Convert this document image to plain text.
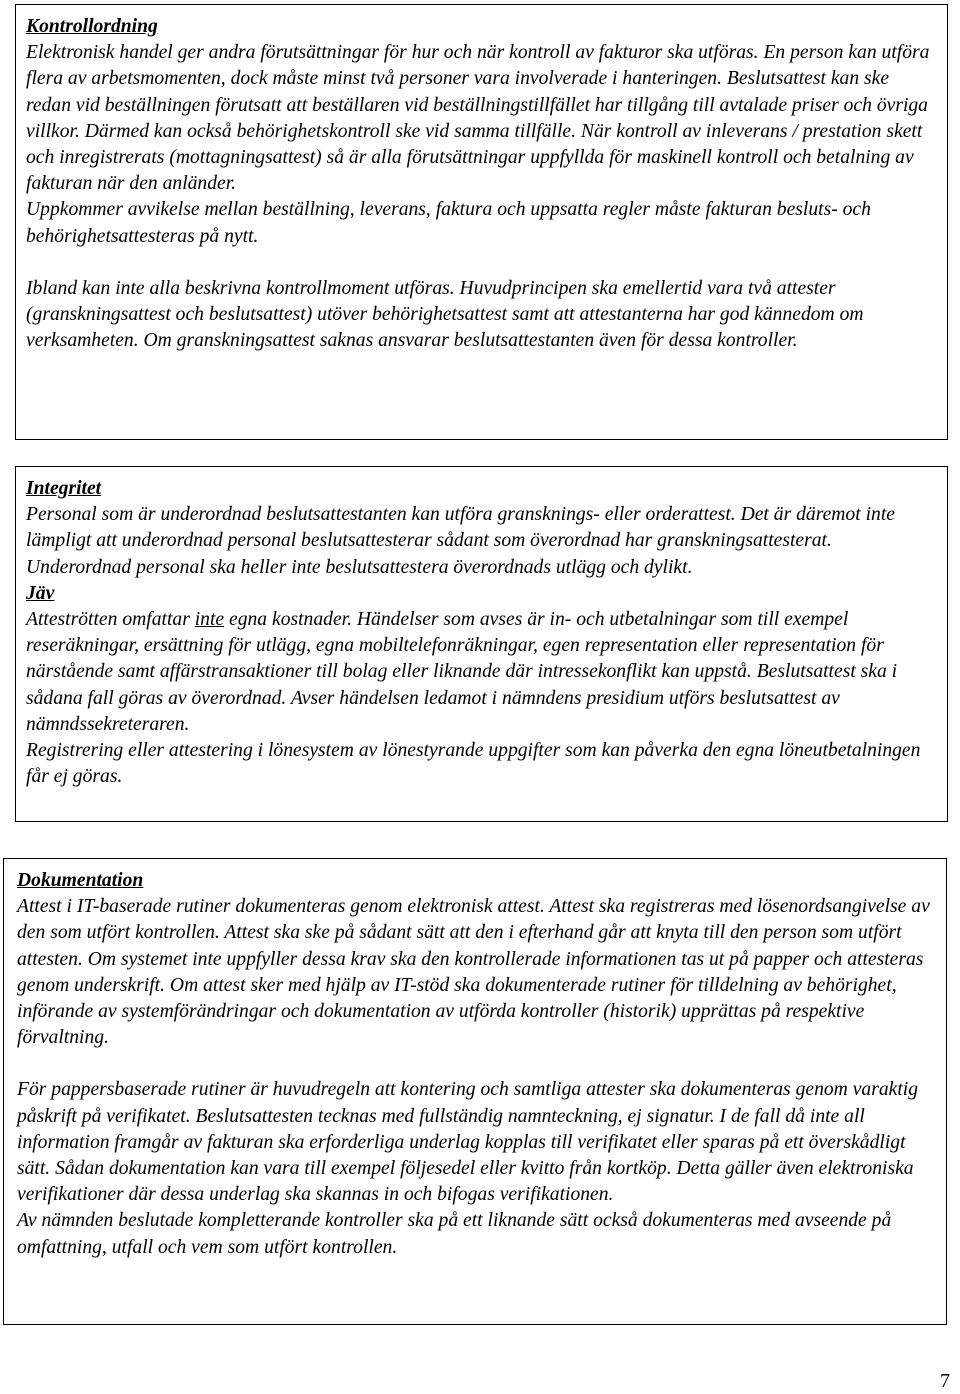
Kontrollordning

Elektronisk handel ger andra förutsättningar för hur och när kontroll av fakturor ska utföras. En person kan utföra flera av arbetsmomenten, dock måste minst två personer vara involverade i hanteringen. Beslutsattest kan ske redan vid beställningen förutsatt att beställaren vid beställningstillfället har tillgång till avtalade priser och övriga villkor. Därmed kan också behörighetskontroll ske vid samma tillfälle. När kontroll av inleverans / prestation skett och inregistrerats (mottagningsattest) så är alla förutsättningar uppfyllda för maskinell kontroll och betalning av fakturan när den anländer.

Uppkommer avvikelse mellan beställning, leverans, faktura och uppsatta regler måste fakturan besluts- och behörighetsattesteras på nytt.

Ibland kan inte alla beskrivna kontrollmoment utföras. Huvudprincipen ska emellertid vara två attester (granskningsattest och beslutsattest) utöver behörighetsattest samt att attestanterna har god kännedom om verksamheten. Om granskningsattest saknas ansvarar beslutsattestanten även för dessa kontroller.

Integritet

Personal som är underordnad beslutsattestanten kan utföra gransknings- eller orderattest. Det är däremot inte lämpligt att underordnad personal beslutsattesterar sådant som överordnad har granskningsattesterat. Underordnad personal ska heller inte beslutsattestera överordnads utlägg och dylikt.

Jäv

Atteströtten omfattar inte egna kostnader. Händelser som avses är in- och utbetalningar som till exempel reseräkningar, ersättning för utlägg, egna mobiltelefonräkningar, egen representation eller representation för närstående samt affärstransaktioner till bolag eller liknande där intressekonflikt kan uppstå. Beslutsattest ska i sådana fall göras av överordnad. Avser händelsen ledamot i nämndens presidium utförs beslutsattest av nämndssekreteraren.

Registrering eller attestering i lönesystem av lönestyrande uppgifter som kan påverka den egna löneutbetalningen får ej göras.

Dokumentation

Attest i IT-baserade rutiner dokumenteras genom elektronisk attest. Attest ska registreras med lösenordsangivelse av den som utfört kontrollen. Attest ska ske på sådant sätt att den i efterhand går att knyta till den person som utfört attesten. Om systemet inte uppfyller dessa krav ska den kontrollerade informationen tas ut på papper och attesteras genom underskrift. Om attest sker med hjälp av IT-stöd ska dokumenterade rutiner för tilldelning av behörighet, införande av systemförändringar och dokumentation av utförda kontroller (historik) upprättas på respektive förvaltning.

För pappersbaserade rutiner är huvudregeln att kontering och samtliga attester ska dokumenteras genom varaktig påskrift på verifikatet. Beslutsattesten tecknas med fullständig namnteckning, ej signatur. I de fall då inte all information framgår av fakturan ska erforderliga underlag kopplas till verifikatet eller sparas på ett överskådligt sätt. Sådan dokumentation kan vara till exempel följesedel eller kvitto från kortköp. Detta gäller även elektroniska verifikationer där dessa underlag ska skannas in och bifogas verifikationen.

Av nämnden beslutade kompletterande kontroller ska på ett liknande sätt också dokumenteras med avseende på omfattning, utfall och vem som utfört kontrollen.

7
